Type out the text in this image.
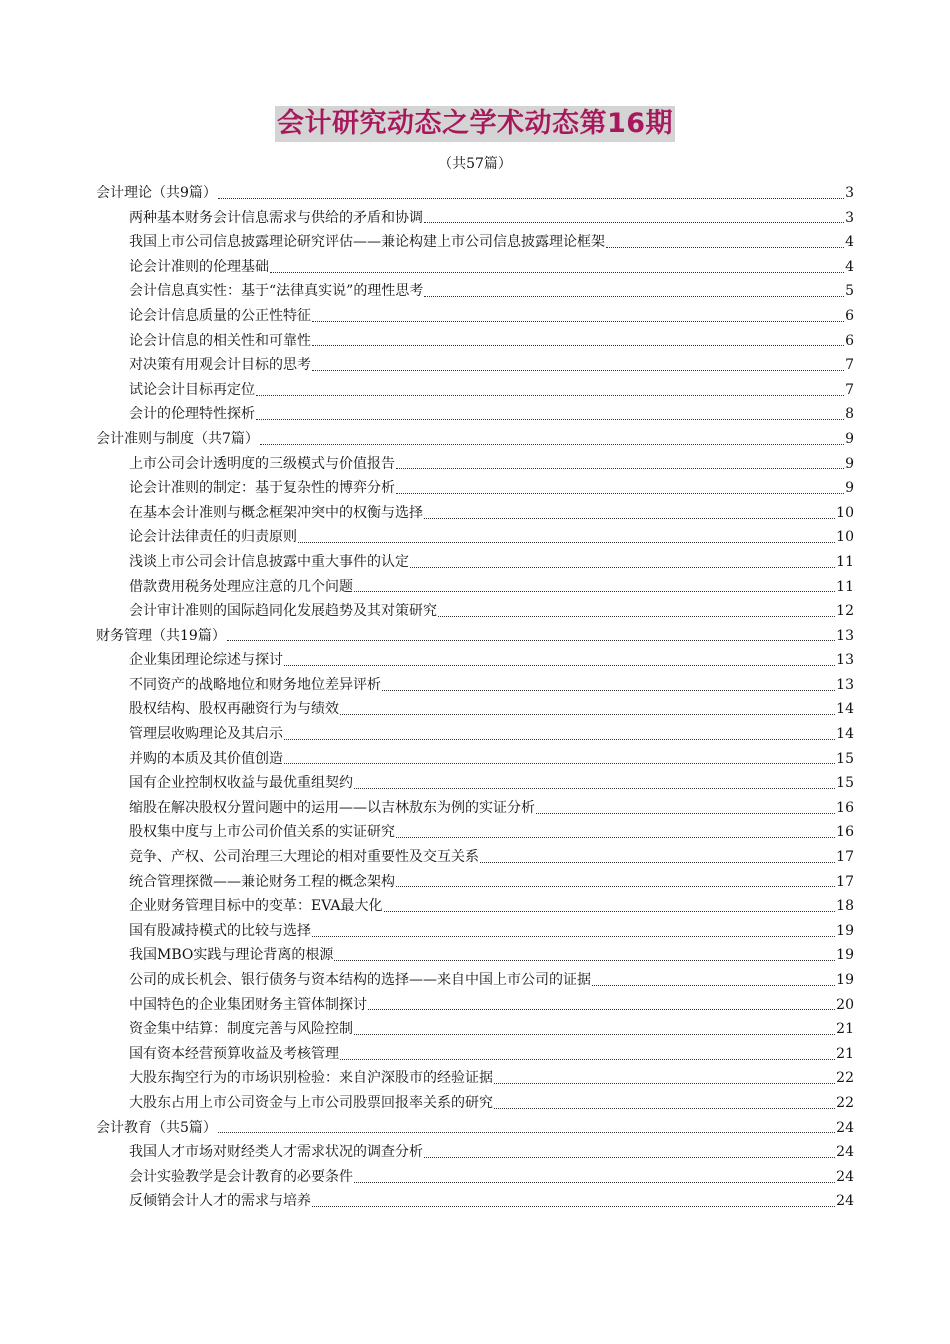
会计研究动态之学术动态第16期
（共57篇）
会计理论（共9篇）	3
两种基本财务会计信息需求与供给的矛盾和协调	3
我国上市公司信息披露理论研究评估——兼论构建上市公司信息披露理论框架	4
论会计准则的伦理基础	4
会计信息真实性：基于“法律真实说”的理性思考	5
论会计信息质量的公正性特征	6
论会计信息的相关性和可靠性	6
对决策有用观会计目标的思考	7
试论会计目标再定位	7
会计的伦理特性探析	8
会计准则与制度（共7篇）	9
上市公司会计透明度的三级模式与价值报告	9
论会计准则的制定：基于复杂性的博弈分析	9
在基本会计准则与概念框架冲突中的权衡与选择	10
论会计法律责任的归责原则	10
浅谈上市公司会计信息披露中重大事件的认定	11
借款费用税务处理应注意的几个问题	11
会计审计准则的国际趋同化发展趋势及其对策研究	12
财务管理（共19篇）	13
企业集团理论综述与探讨	13
不同资产的战略地位和财务地位差异评析	13
股权结构、股权再融资行为与绩效	14
管理层收购理论及其启示	14
并购的本质及其价值创造	15
国有企业控制权收益与最优重组契约	15
缩股在解决股权分置问题中的运用——以吉林敖东为例的实证分析	16
股权集中度与上市公司价值关系的实证研究	16
竞争、产权、公司治理三大理论的相对重要性及交互关系	17
统合管理探微——兼论财务工程的概念架构	17
企业财务管理目标中的变革：EVA最大化	18
国有股减持模式的比较与选择	19
我国MBO实践与理论背离的根源	19
公司的成长机会、银行债务与资本结构的选择——来自中国上市公司的证据	19
中国特色的企业集团财务主管体制探讨	20
资金集中结算：制度完善与风险控制	21
国有资本经营预算收益及考核管理	21
大股东掏空行为的市场识别检验：来自沪深股市的经验证据	22
大股东占用上市公司资金与上市公司股票回报率关系的研究	22
会计教育（共5篇）	24
我国人才市场对财经类人才需求状况的调查分析	24
会计实验教学是会计教育的必要条件	24
反倾销会计人才的需求与培养	24
